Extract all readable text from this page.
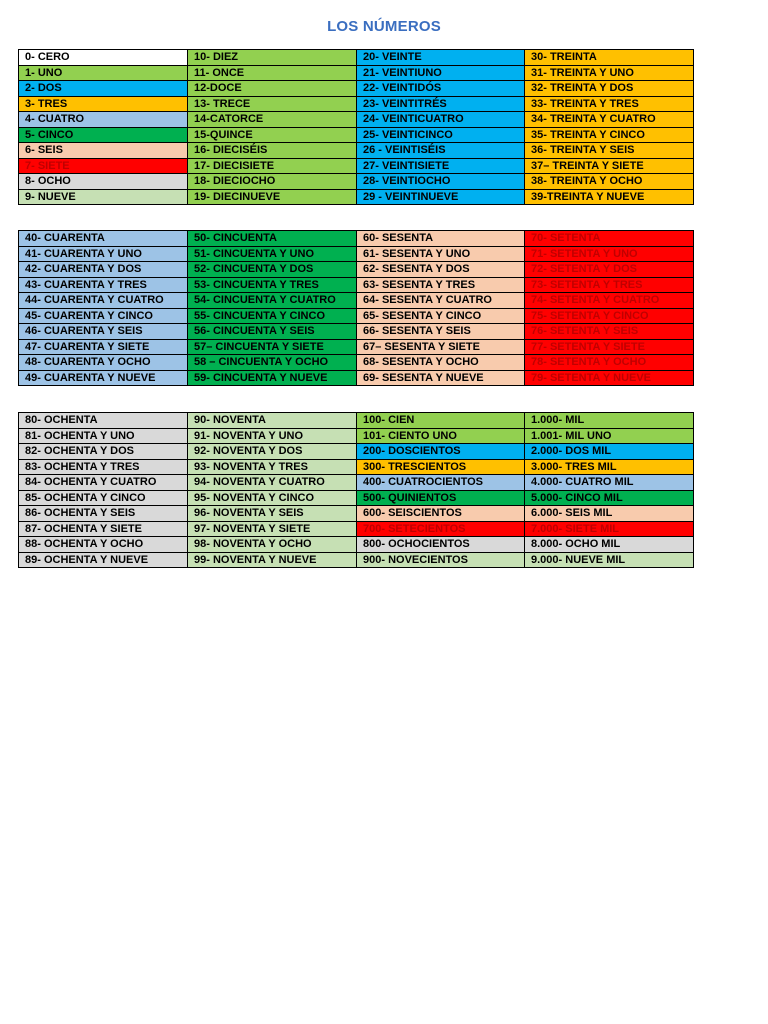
LOS NÚMEROS
0- CERO	10- DIEZ	20- VEINTE	30- TREINTA
1- UNO	11- ONCE	21- VEINTIUNO	31- TREINTA Y UNO
2- DOS	12-DOCE	22- VEINTIDÓS	32- TREINTA Y DOS
3- TRES	13- TRECE	23- VEINTITRÉS	33- TREINTA Y TRES
4- CUATRO	14-CATORCE	24- VEINTICUATRO	34- TREINTA Y CUATRO
5- CINCO	15-QUINCE	25- VEINTICINCO	35- TREINTA Y CINCO
6- SEIS	16- DIECISÉIS	26 - VEINTISÉIS	36- TREINTA Y SEIS
7- SIETE	17- DIECISIETE	27- VEINTISIETE	37– TREINTA Y SIETE
8- OCHO	18- DIECIOCHO	28- VEINTIOCHO	38- TREINTA Y OCHO
9- NUEVE	19- DIECINUEVE	29 - VEINTINUEVE	39-TREINTA Y NUEVE
40- CUARENTA	50- CINCUENTA	60- SESENTA	70- SETENTA
41- CUARENTA Y UNO	51- CINCUENTA Y UNO	61- SESENTA Y UNO	71- SETENTA Y UNO
42- CUARENTA Y DOS	52- CINCUENTA Y DOS	62- SESENTA Y DOS	72- SETENTA Y DOS
43- CUARENTA Y TRES	53- CINCUENTA Y TRES	63- SESENTA Y TRES	73- SETENTA Y TRES
44- CUARENTA Y CUATRO	54- CINCUENTA Y CUATRO	64- SESENTA Y CUATRO	74- SETENTA Y CUATRO
45- CUARENTA Y CINCO	55- CINCUENTA Y CINCO	65- SESENTA Y CINCO	75- SETENTA Y CINCO
46- CUARENTA Y SEIS	56- CINCUENTA Y SEIS	66- SESENTA Y SEIS	76- SETENTA Y SEIS
47- CUARENTA Y SIETE	57– CINCUENTA Y SIETE	67– SESENTA Y SIETE	77- SETENTA Y SIETE
48- CUARENTA Y OCHO	58 – CINCUENTA Y OCHO	68- SESENTA Y OCHO	78- SETENTA Y OCHO
49- CUARENTA Y NUEVE	59- CINCUENTA Y NUEVE	69- SESENTA Y NUEVE	79- SETENTA Y NUEVE
80- OCHENTA	90- NOVENTA	100- CIEN	1.000- MIL
81- OCHENTA Y UNO	91- NOVENTA Y UNO	101- CIENTO UNO	1.001- MIL UNO
82- OCHENTA Y DOS	92- NOVENTA Y DOS	200- DOSCIENTOS	2.000- DOS MIL
83- OCHENTA Y TRES	93- NOVENTA Y TRES	300- TRESCIENTOS	3.000- TRES MIL
84- OCHENTA Y CUATRO	94- NOVENTA Y CUATRO	400- CUATROCIENTOS	4.000- CUATRO MIL
85- OCHENTA Y CINCO	95- NOVENTA Y CINCO	500- QUINIENTOS	5.000- CINCO MIL
86- OCHENTA Y SEIS	96- NOVENTA Y SEIS	600- SEISCIENTOS	6.000- SEIS MIL
87- OCHENTA Y SIETE	97- NOVENTA Y SIETE	700- SETECIENTOS	7.000- SIETE MIL
88- OCHENTA Y OCHO	98- NOVENTA Y OCHO	800- OCHOCIENTOS	8.000- OCHO MIL
89- OCHENTA Y NUEVE	99- NOVENTA Y NUEVE	900- NOVECIENTOS	9.000- NUEVE MIL
